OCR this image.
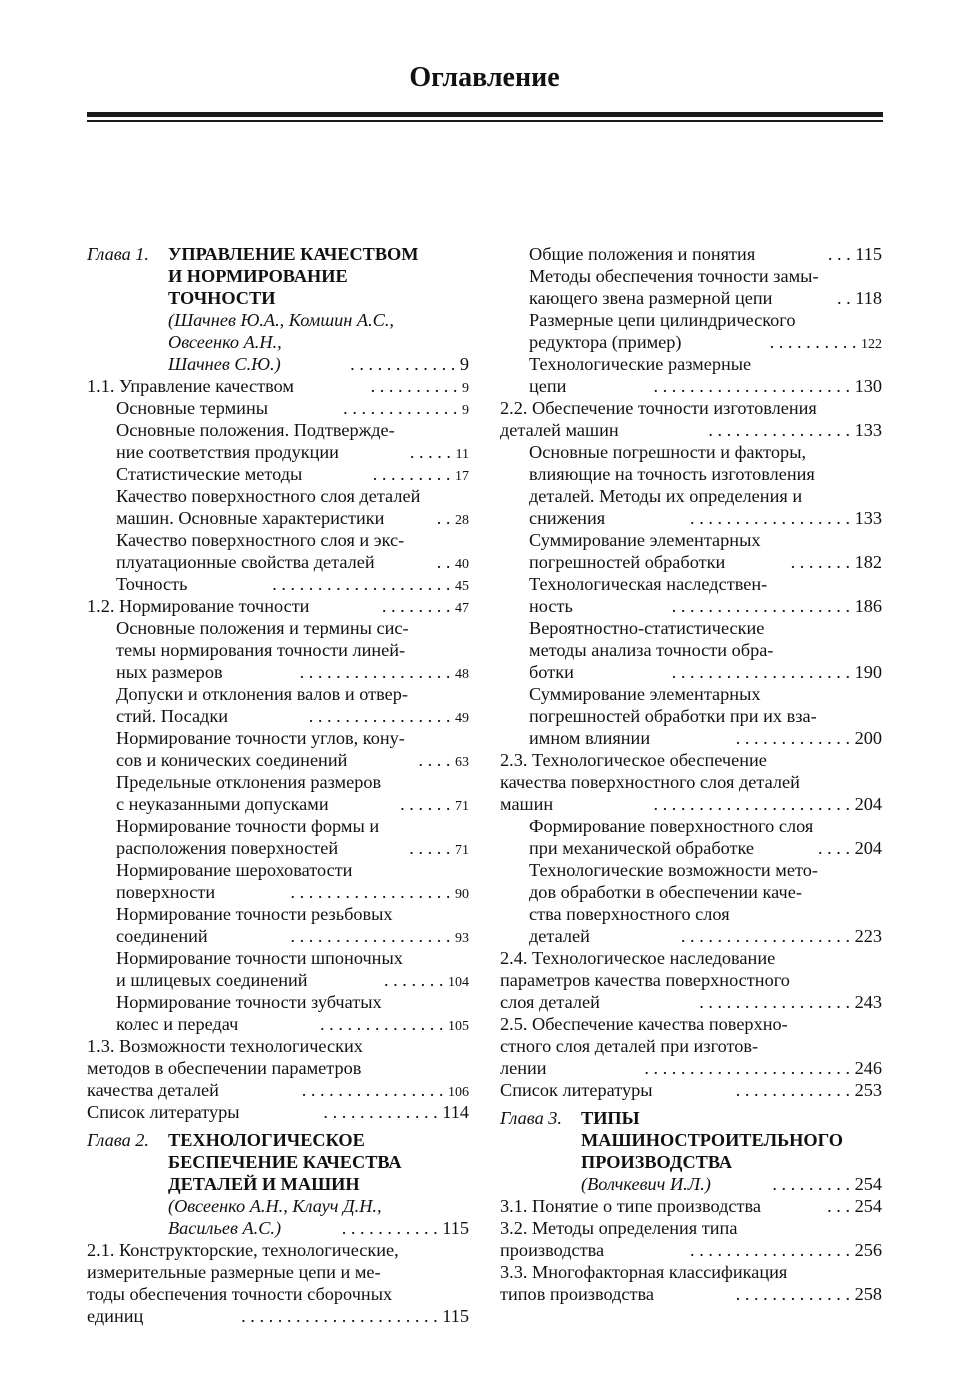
Оглавление
Глава 1. УПРАВЛЕНИЕ КАЧЕСТВОМ
И НОРМИРОВАНИЕ
ТОЧНОСТИ
(Шачнев Ю.А., Комшин А.С.,
Овсеенко А.Н.,
Шачнев С.Ю.)	. . . . . . . . . . . . 9
1.1. Управление качеством	. . . . . . . . . . 9
Основные термины	. . . . . . . . . . . . . 9
Основные положения. Подтвержде-
ние соответствия продукции	. . . . . 11
Статистические методы	. . . . . . . . . 17
Качество поверхностного слоя деталей
машин. Основные характеристики	. . 28
Качество поверхностного слоя и экс-
плуатационные свойства деталей	. . 40
Точность	. . . . . . . . . . . . . . . . . . . . 45
1.2. Нормирование точности	. . . . . . . . 47
Основные положения и термины сис-
темы нормирования точности линей-
ных размеров	. . . . . . . . . . . . . . . . . 48
Допуски и отклонения валов и отвер-
стий. Посадки	. . . . . . . . . . . . . . . . 49
Нормирование точности углов, кону-
сов и конических соединений	. . . . 63
Предельные отклонения размеров
с неуказанными допусками	. . . . . . 71
Нормирование точности формы и
расположения поверхностей	. . . . . 71
Нормирование шероховатости
поверхности	. . . . . . . . . . . . . . . . . . 90
Нормирование точности резьбовых
соединений	. . . . . . . . . . . . . . . . . . 93
Нормирование точности шпоночных
и шлицевых соединений	. . . . . . . 104
Нормирование точности зубчатых
колес и передач	. . . . . . . . . . . . . . 105
1.3. Возможности технологических
методов в обеспечении параметров
качества деталей	. . . . . . . . . . . . . . . . 106
Список литературы	. . . . . . . . . . . . . 114
Глава 2. ТЕХНОЛОГИЧЕСКОЕ
БЕСПЕЧЕНИЕ КАЧЕСТВА
ДЕТАЛЕЙ И МАШИН
(Овсеенко А.Н., Клауч Д.Н.,
Васильев А.С.)	. . . . . . . . . . . 115
2.1. Конструкторские, технологические,
измерительные размерные цепи и ме-
тоды обеспечения точности сборочных
единиц	. . . . . . . . . . . . . . . . . . . . . . 115
Общие положения и понятия	. . . 115
Методы обеспечения точности замы-
кающего звена размерной цепи	. . 118
Размерные цепи цилиндрического
редуктора (пример)	. . . . . . . . . . 122
Технологические размерные
цепи	. . . . . . . . . . . . . . . . . . . . . . 130
2.2. Обеспечение точности изготовления
деталей машин	. . . . . . . . . . . . . . . . 133
Основные погрешности и факторы,
влияющие на точность изготовления
деталей. Методы их определения и
снижения	. . . . . . . . . . . . . . . . . . 133
Суммирование элементарных
погрешностей обработки	. . . . . . . 182
Технологическая наследствен-
ность	. . . . . . . . . . . . . . . . . . . . 186
Вероятностно-статистические
методы анализа точности обра-
ботки	. . . . . . . . . . . . . . . . . . . . 190
Суммирование элементарных
погрешностей обработки при их вза-
имном влиянии	. . . . . . . . . . . . . 200
2.3. Технологическое обеспечение
качества поверхностного слоя деталей
машин	. . . . . . . . . . . . . . . . . . . . . . 204
Формирование поверхностного слоя
при механической обработке	. . . . 204
Технологические возможности мето-
дов обработки в обеспечении каче-
ства поверхностного слоя
деталей	. . . . . . . . . . . . . . . . . . . 223
2.4. Технологическое наследование
параметров качества поверхностного
слоя деталей	. . . . . . . . . . . . . . . . . 243
2.5. Обеспечение качества поверхно-
стного слоя деталей при изготов-
лении	. . . . . . . . . . . . . . . . . . . . . . . 246
Список литературы	. . . . . . . . . . . . . 253
Глава 3. ТИПЫ
МАШИНОСТРОИТЕЛЬНОГО
ПРОИЗВОДСТВА
(Волчкевич И.Л.)	. . . . . . . . . 254
3.1. Понятие о типе производства	. . . 254
3.2. Методы определения типа
производства	. . . . . . . . . . . . . . . . . . 256
3.3. Многофакторная классификация
типов производства	. . . . . . . . . . . . . 258
